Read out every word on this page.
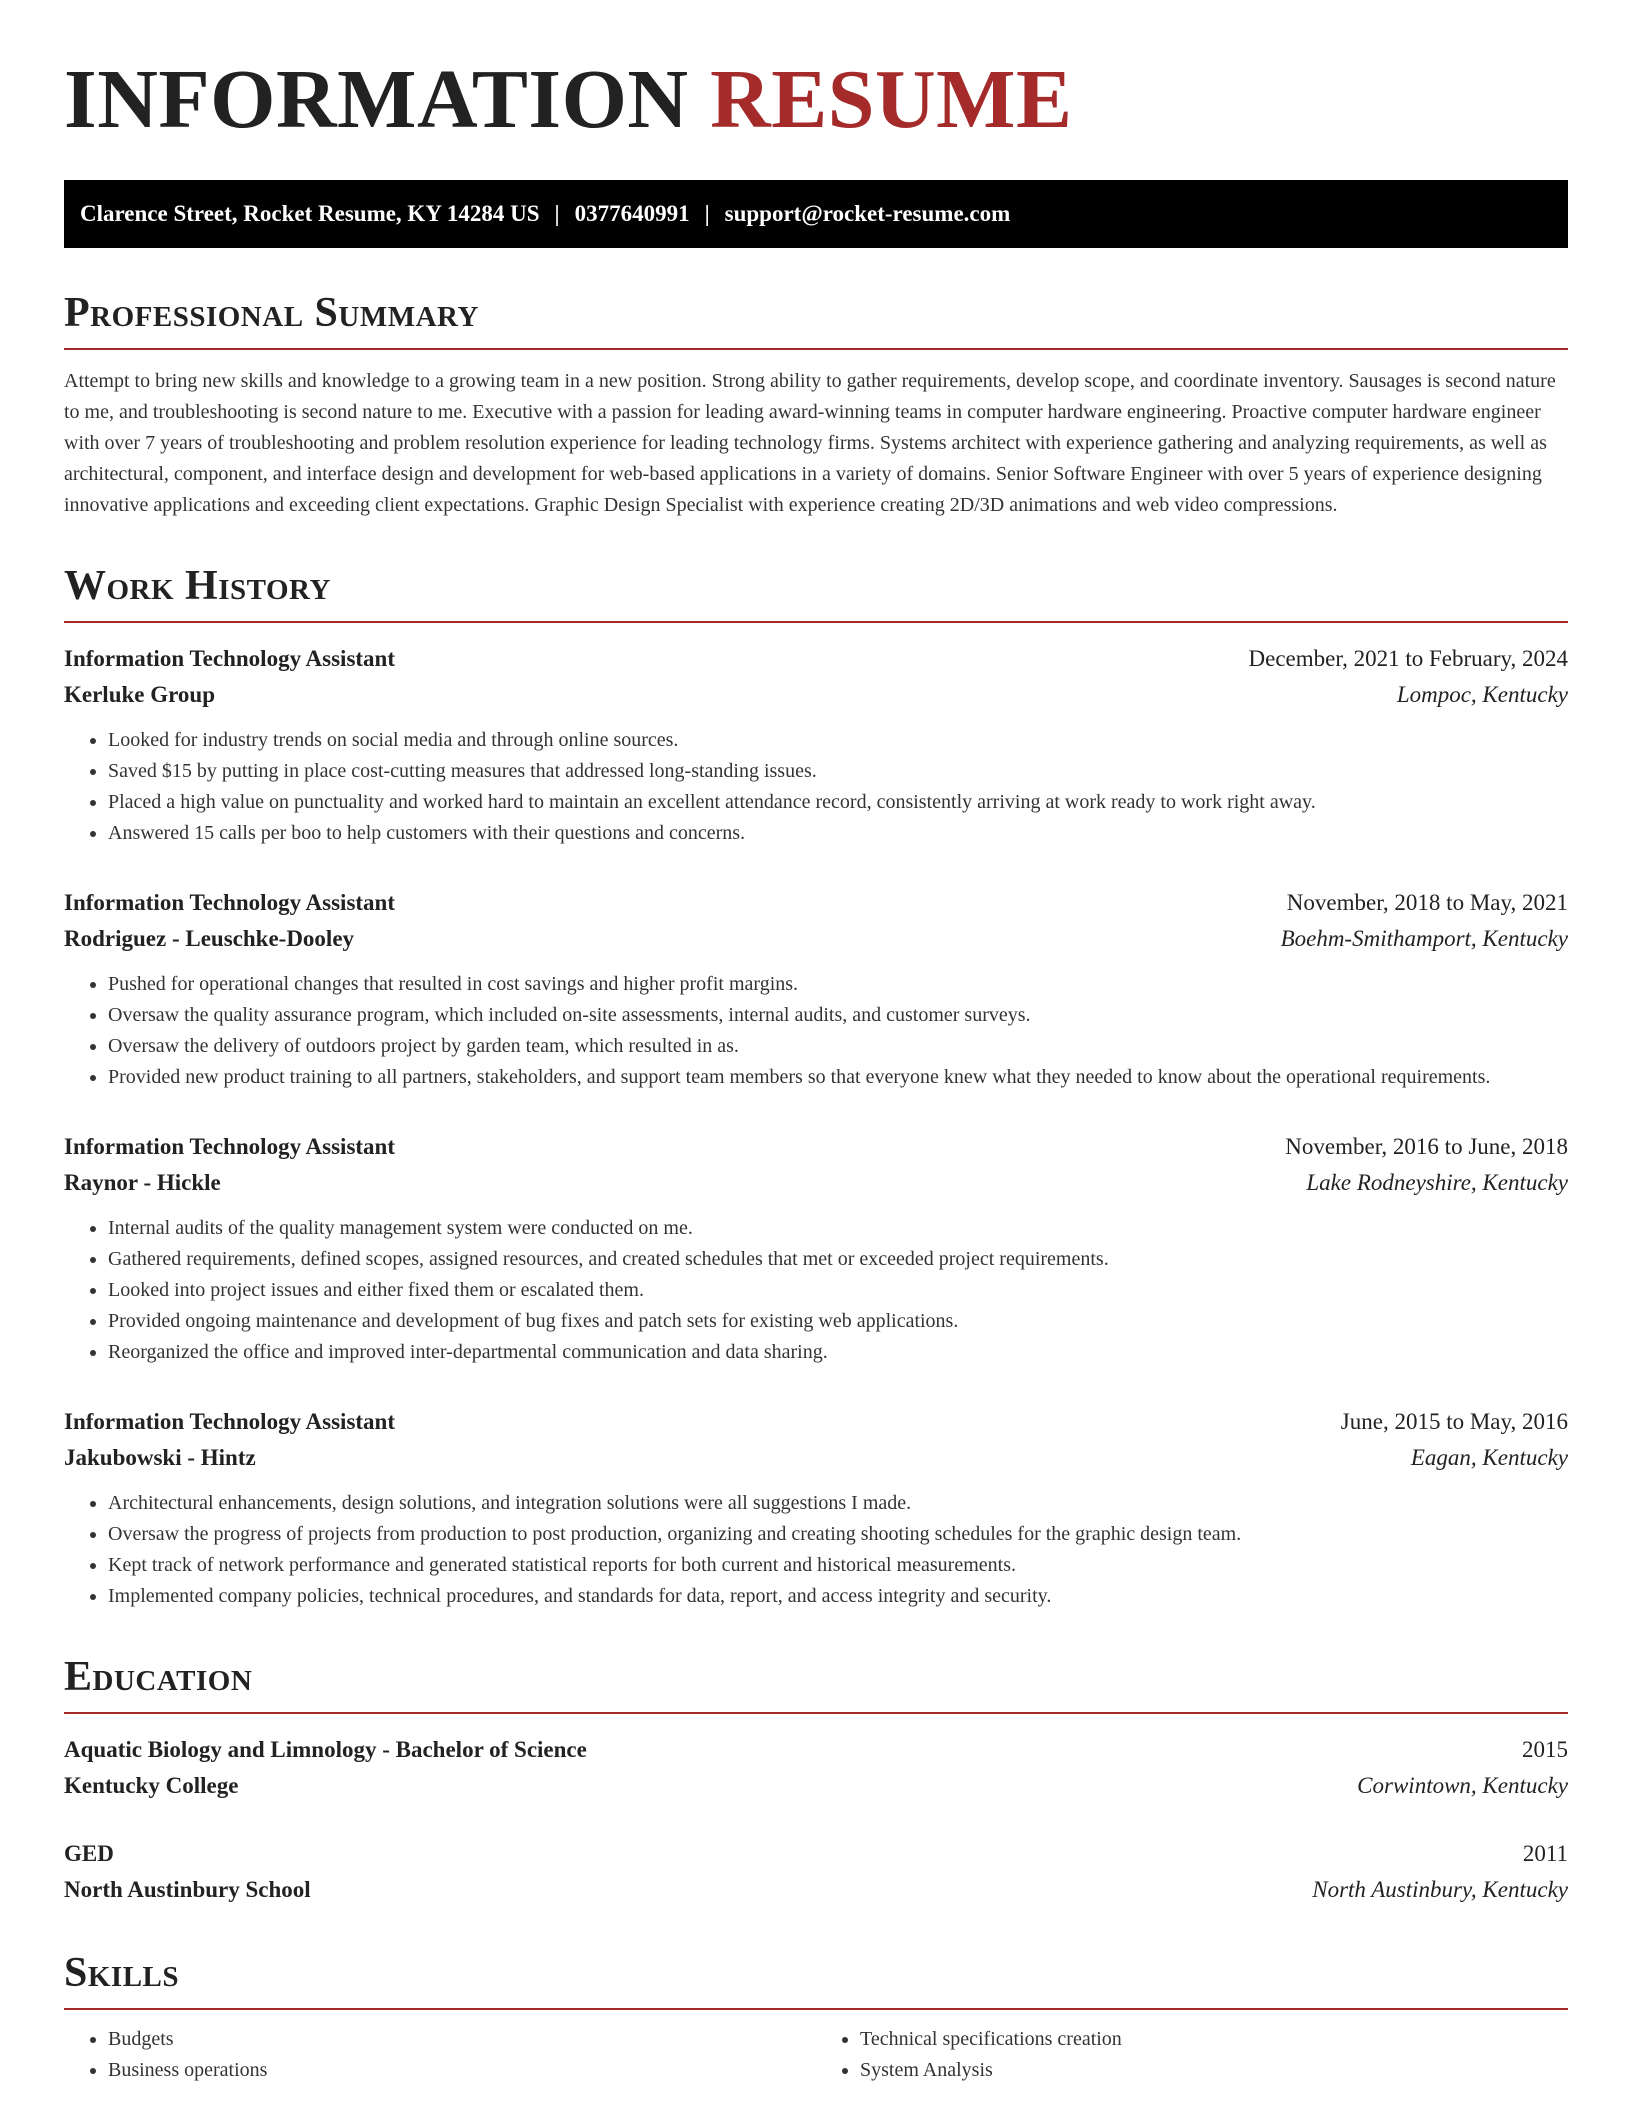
INFORMATION RESUME
Clarence Street, Rocket Resume, KY 14284 US | 0377640991 | support@rocket-resume.com
Professional Summary

Attempt to bring new skills and knowledge to a growing team in a new position. Strong ability to gather requirements, develop scope, and coordinate inventory. Sausages is second nature to me, and troubleshooting is second nature to me. Executive with a passion for leading award-winning teams in computer hardware engineering. Proactive computer hardware engineer with over 7 years of troubleshooting and problem resolution experience for leading technology firms. Systems architect with experience gathering and analyzing requirements, as well as architectural, component, and interface design and development for web-based applications in a variety of domains. Senior Software Engineer with over 5 years of experience designing innovative applications and exceeding client expectations. Graphic Design Specialist with experience creating 2D/3D animations and web video compressions.

Work History
Information Technology Assistant	December, 2021 to February, 2024
Kerluke Group	Lompoc, Kentucky
• Looked for industry trends on social media and through online sources.
• Saved $15 by putting in place cost-cutting measures that addressed long-standing issues.
• Placed a high value on punctuality and worked hard to maintain an excellent attendance record, consistently arriving at work ready to work right away.
• Answered 15 calls per boo to help customers with their questions and concerns.
Information Technology Assistant	November, 2018 to May, 2021
Rodriguez - Leuschke-Dooley	Boehm-Smithamport, Kentucky
• Pushed for operational changes that resulted in cost savings and higher profit margins.
• Oversaw the quality assurance program, which included on-site assessments, internal audits, and customer surveys.
• Oversaw the delivery of outdoors project by garden team, which resulted in as.
• Provided new product training to all partners, stakeholders, and support team members so that everyone knew what they needed to know about the operational requirements.
Information Technology Assistant	November, 2016 to June, 2018
Raynor - Hickle	Lake Rodneyshire, Kentucky
• Internal audits of the quality management system were conducted on me.
• Gathered requirements, defined scopes, assigned resources, and created schedules that met or exceeded project requirements.
• Looked into project issues and either fixed them or escalated them.
• Provided ongoing maintenance and development of bug fixes and patch sets for existing web applications.
• Reorganized the office and improved inter-departmental communication and data sharing.
Information Technology Assistant	June, 2015 to May, 2016
Jakubowski - Hintz	Eagan, Kentucky
• Architectural enhancements, design solutions, and integration solutions were all suggestions I made.
• Oversaw the progress of projects from production to post production, organizing and creating shooting schedules for the graphic design team.
• Kept track of network performance and generated statistical reports for both current and historical measurements.
• Implemented company policies, technical procedures, and standards for data, report, and access integrity and security.
Education
Aquatic Biology and Limnology - Bachelor of Science	2015
Kentucky College	Corwintown, Kentucky
GED	2011
North Austinbury School	North Austinbury, Kentucky
Skills
• Budgets
• Business operations
• Technical specifications creation
• System Analysis
